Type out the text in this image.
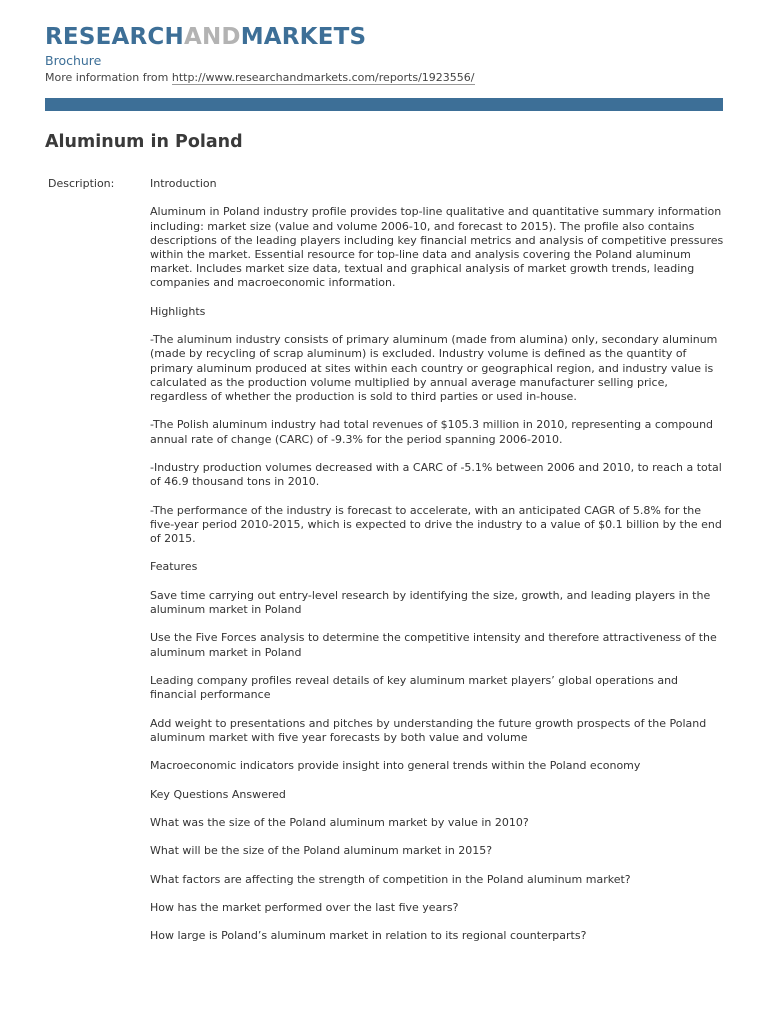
RESEARCHANDMARKETS
Brochure
More information from http://www.researchandmarkets.com/reports/1923556/
Aluminum in Poland
Description:	Introduction

Aluminum in Poland industry profile provides top-line qualitative and quantitative summary information including: market size (value and volume 2006-10, and forecast to 2015). The profile also contains descriptions of the leading players including key financial metrics and analysis of competitive pressures within the market. Essential resource for top-line data and analysis covering the Poland aluminum market. Includes market size data, textual and graphical analysis of market growth trends, leading companies and macroeconomic information.

Highlights

-The aluminum industry consists of primary aluminum (made from alumina) only, secondary aluminum (made by recycling of scrap aluminum) is excluded. Industry volume is defined as the quantity of primary aluminum produced at sites within each country or geographical region, and industry value is calculated as the production volume multiplied by annual average manufacturer selling price, regardless of whether the production is sold to third parties or used in-house.

-The Polish aluminum industry had total revenues of $105.3 million in 2010, representing a compound annual rate of change (CARC) of -9.3% for the period spanning 2006-2010.

-Industry production volumes decreased with a CARC of -5.1% between 2006 and 2010, to reach a total of 46.9 thousand tons in 2010.

-The performance of the industry is forecast to accelerate, with an anticipated CAGR of 5.8% for the five-year period 2010-2015, which is expected to drive the industry to a value of $0.1 billion by the end of 2015.

Features

Save time carrying out entry-level research by identifying the size, growth, and leading players in the aluminum market in Poland

Use the Five Forces analysis to determine the competitive intensity and therefore attractiveness of the aluminum market in Poland

Leading company profiles reveal details of key aluminum market players’ global operations and financial performance

Add weight to presentations and pitches by understanding the future growth prospects of the Poland aluminum market with five year forecasts by both value and volume

Macroeconomic indicators provide insight into general trends within the Poland economy

Key Questions Answered

What was the size of the Poland aluminum market by value in 2010?

What will be the size of the Poland aluminum market in 2015?

What factors are affecting the strength of competition in the Poland aluminum market?

How has the market performed over the last five years?

How large is Poland’s aluminum market in relation to its regional counterparts?
